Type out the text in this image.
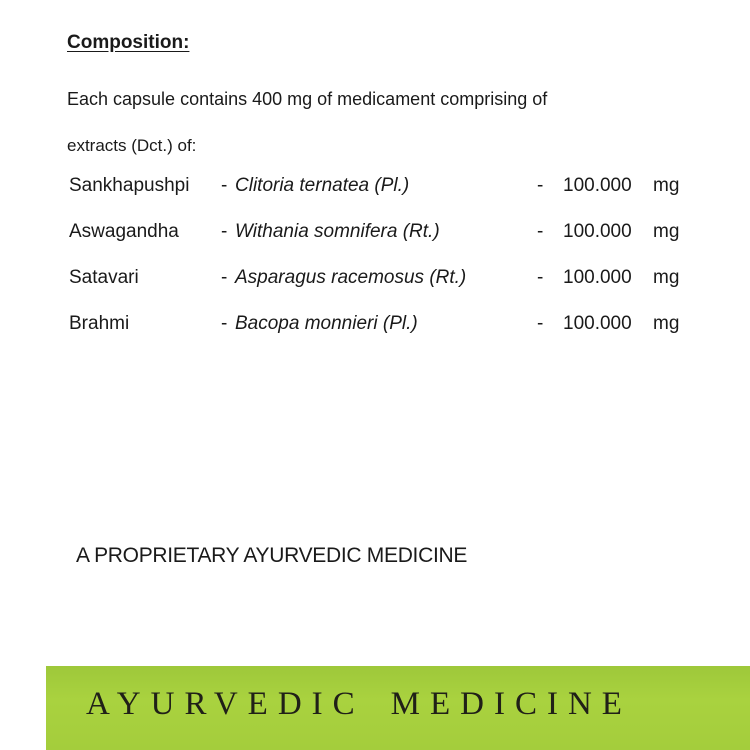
Composition:

Each capsule contains 400 mg of medicament comprising of

extracts (Dct.) of:

Sankhapushpi - Clitoria ternatea (Pl.)	- 100.000 mg
Aswagandha - Withania somnifera (Rt.)	- 100.000 mg
Satavari	- Asparagus racemosus (Rt.)	- 100.000 mg
Brahmi	- Bacopa monnieri (Pl.)	- 100.000 mg

A PROPRIETARY AYURVEDIC MEDICINE

AYURVEDIC MEDICINE
